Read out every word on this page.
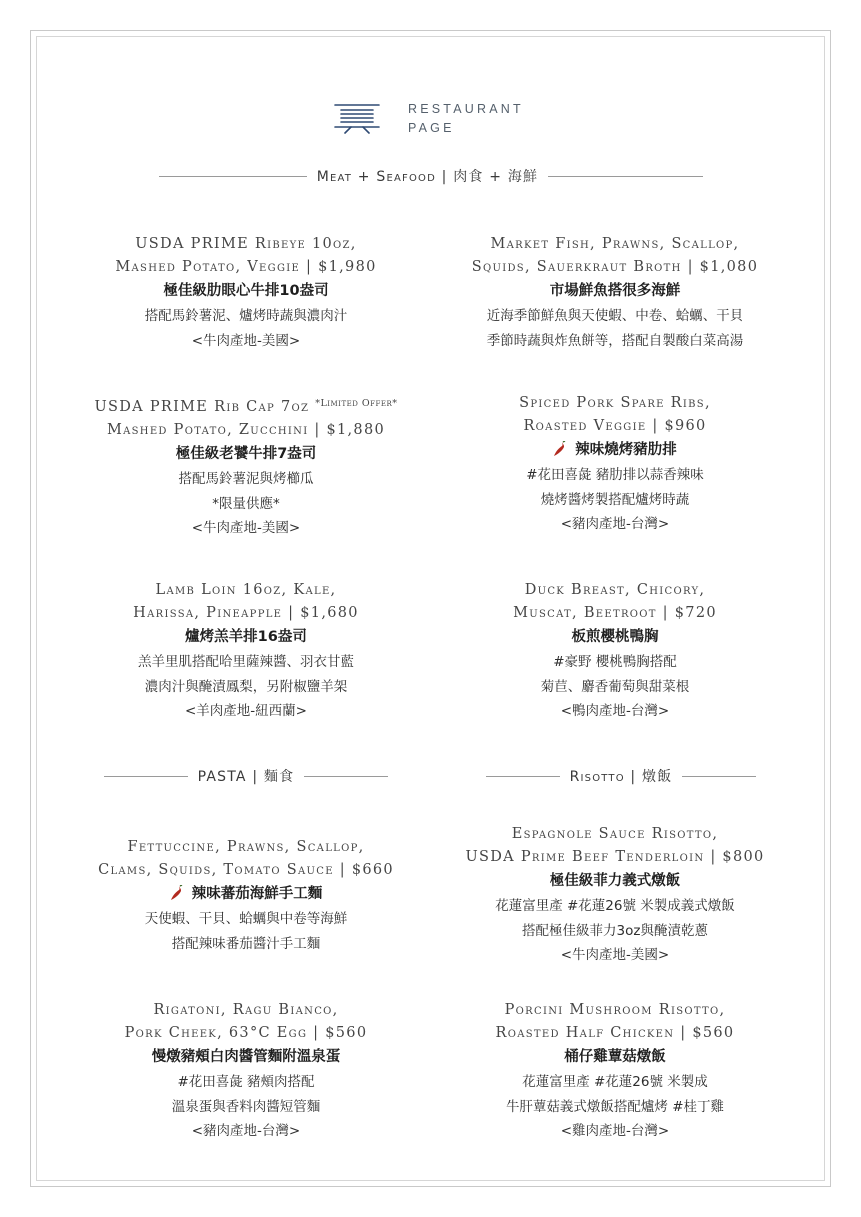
RESTAURANT
PAGE
Meat + Seafood | 肉食 + 海鮮
USDA PRIME Ribeye 10oz,
Mashed Potato, Veggie | $1,980
極佳級肋眼心牛排10盎司
搭配馬鈴薯泥、爐烤時蔬與濃肉汁
<牛肉產地-美國>
Market Fish, Prawns, Scallop,
Squids, Sauerkraut Broth | $1,080
市場鮮魚搭很多海鮮
近海季節鮮魚與天使蝦、中卷、蛤蠣、干貝
季節時蔬與炸魚餅等，搭配自製酸白菜高湯
USDA PRIME Rib Cap 7oz $^{*Limited Offer*}$
Mashed Potato, Zucchini | $1,880
極佳級老饕牛排7盎司
搭配馬鈴薯泥與烤櫛瓜
*限量供應*
<牛肉產地-美國>
Spiced Pork Spare Ribs,
Roasted Veggie | $960
辣味燒烤豬肋排
#花田喜彘 豬肋排以蒜香辣味
燒烤醬烤製搭配爐烤時蔬
<豬肉產地-台灣>
Lamb Loin 16oz, Kale,
Harissa, Pineapple | $1,680
爐烤羔羊排16盎司
羔羊里肌搭配哈里薩辣醬、羽衣甘藍
濃肉汁與醃漬鳳梨，另附椒鹽羊架
<羊肉產地-紐西蘭>
Duck Breast, Chicory,
Muscat, Beetroot | $720
板煎櫻桃鴨胸
#豪野 櫻桃鴨胸搭配
菊苣、麝香葡萄與甜菜根
<鴨肉產地-台灣>
PASTA | 麵食	Risotto | 燉飯
Fettuccine, Prawns, Scallop,
Clams, Squids, Tomato Sauce | $660
辣味蕃茄海鮮手工麵
天使蝦、干貝、蛤蠣與中卷等海鮮
搭配辣味番茄醬汁手工麵
Espagnole Sauce Risotto,
USDA Prime Beef Tenderloin | $800
極佳級菲力義式燉飯
花蓮富里產 #花蓮26號 米製成義式燉飯
搭配極佳級菲力3oz與醃漬乾蔥
<牛肉產地-美國>
Rigatoni, Ragu Bianco,
Pork Cheek, 63°C Egg | $560
慢燉豬頰白肉醬管麵附溫泉蛋
#花田喜彘 豬頰肉搭配
溫泉蛋與香料肉醬短管麵
<豬肉產地-台灣>
Porcini Mushroom Risotto,
Roasted Half Chicken | $560
桶仔雞蕈菇燉飯
花蓮富里產 #花蓮26號 米製成
牛肝蕈菇義式燉飯搭配爐烤 #桂丁雞
<雞肉產地-台灣>
